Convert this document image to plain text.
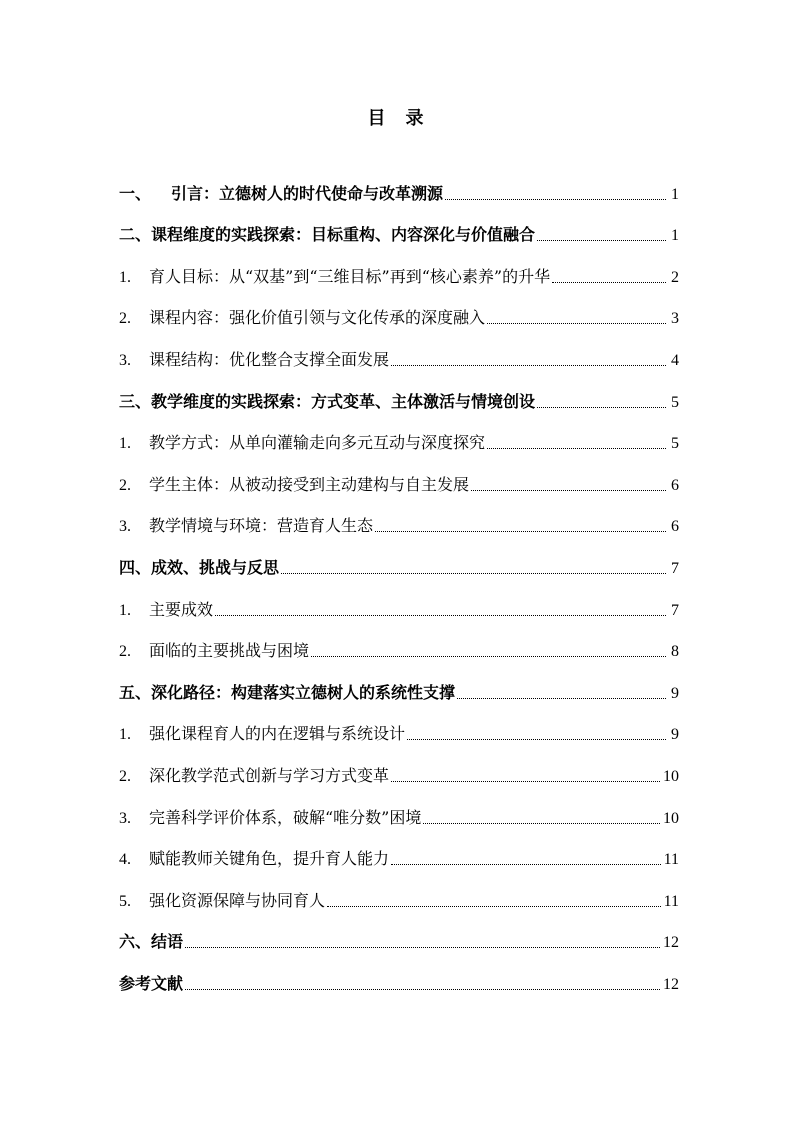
目 录
一、 引言：立德树人的时代使命与改革溯源	1
二、课程维度的实践探索：目标重构、内容深化与价值融合	1
1.	育人目标：从“双基”到“三维目标”再到“核心素养”的升华	2
2.	课程内容：强化价值引领与文化传承的深度融入	3
3.	课程结构：优化整合支撑全面发展	4
三、教学维度的实践探索：方式变革、主体激活与情境创设	5
1.	教学方式：从单向灌输走向多元互动与深度探究	5
2.	学生主体：从被动接受到主动建构与自主发展	6
3.	教学情境与环境：营造育人生态	6
四、成效、挑战与反思	7
1.	主要成效	7
2.	面临的主要挑战与困境	8
五、深化路径：构建落实立德树人的系统性支撑	9
1.	强化课程育人的内在逻辑与系统设计	9
2.	深化教学范式创新与学习方式变革	10
3.	完善科学评价体系，破解“唯分数”困境	10
4.	赋能教师关键角色，提升育人能力	11
5.	强化资源保障与协同育人	11
六、结语	12
参考文献	12
